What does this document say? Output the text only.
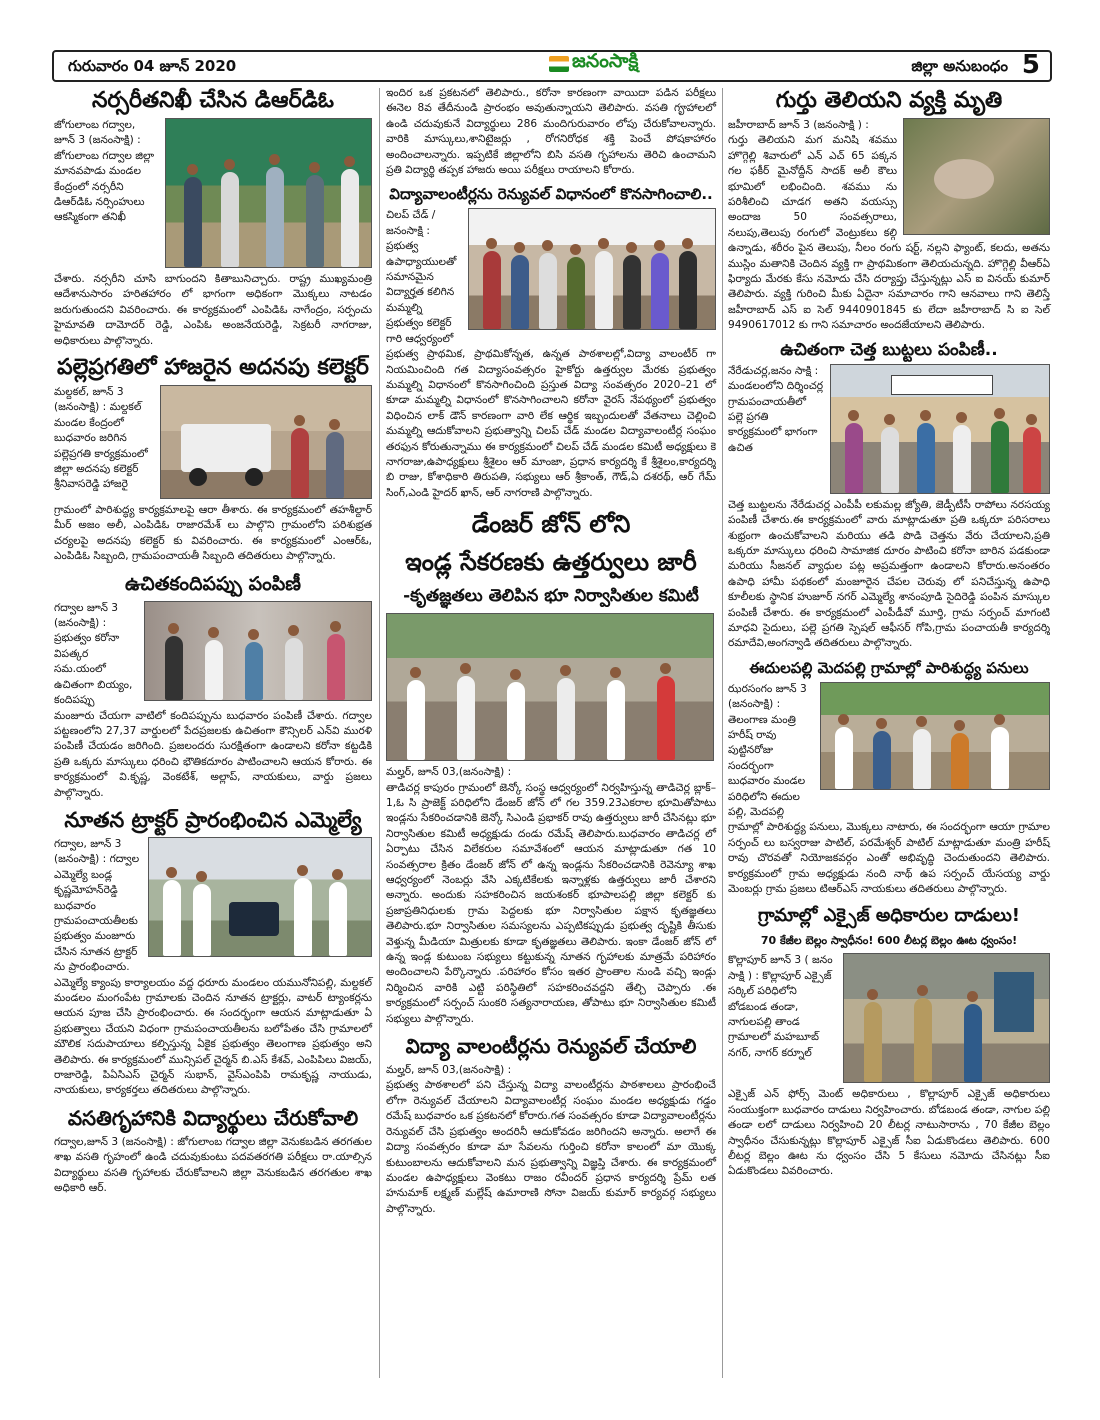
గురువారం 04 జూన్ 2020	జనంసాక్షి	జిల్లా అనుబంధం 5
నర్సరీతనిఖీ చేసిన డిఆర్‌డిఓ

జోగులాంబ గద్వాల, జూన్ 3 (జనంసాక్షి) : జోగులాంబ గద్వాల జిల్లా మానవపాడు మండల కేంద్రంలో నర్సరీని డిఆర్‌డిఓ నర్సింహులు ఆకస్మికంగా తనిఖీ

చేశారు. నర్సరీని చూసి బాగుందని కితాబునిచ్చారు. రాష్ట్ర ముఖ్యమంత్రి ఆదేశానుసారం హరితహారం లో భాగంగా అధికంగా మొక్కలు నాటడం జరుగుతుందని వివరించారు. ఈ కార్యక్రమంలో ఎంపిడిఓ నాగేంద్రం, సర్పంచు హైమావతి దామోదర్ రెడ్డి, ఎంపిఓ అంజనేయరెడ్డి, సెక్రటరీ నాగరాజు, అధికారులు పాల్గొన్నారు.

పల్లెప్రగతిలో హాజరైన అదనపు కలెక్టర్

మల్దకల్, జూన్ 3 (జనంసాక్షి) : మల్దకల్ మండల కేంద్రంలో బుధవారం జరిగిన పల్లెప్రగతి కార్యక్రమంలో జిల్లా అదనపు కలెక్టర్ శ్రీనివాసరెడ్డి హాజరై

గ్రామంలో పారిశుద్ధ్య కార్యక్రమాలపై ఆరా తీశారు. ఈ కార్యక్రమంలో తహశీల్దార్ మీర్ అజం అలీ, ఎంపిడిఓ రాజారమేశ్ లు పాల్గొని గ్రామంలోని పరిశుభ్రత చర్యలపై అదనపు కలెక్టర్ కు వివరించారు. ఈ కార్యక్రమంలో ఎంఆర్ఓ, ఎంపిడిఓ సిబ్బంది, గ్రామపంచాయతీ సిబ్బంది తదితరులు పాల్గొన్నారు.

ఉచితకందిపప్పు పంపిణీ

గద్వాల జూన్ 3 (జనంసాక్షి) : ప్రభుత్వం కరోనా విపత్కర సమ.యంలో ఉచితంగా బియ్యం, కందిపప్పు

మంజూరు చేయగా వాటిలో కందిపప్పును బుధవారం పంపిణీ చేశారు. గద్వాల పట్టణంలోని 27,37 వార్డులలో పేదప్రజలకు ఉచితంగా కౌన్సిలర్ ఎన్‌వి మురళి పంపిణీ చేయడం జరిగింది. ప్రజలందరు సురక్షితంగా ఉండాలని కరోనా కట్టడికి ప్రతి ఒక్కరు మాస్కులు ధరించి భౌతికదూరం పాటించాలని ఆయన కోరారు. ఈ కార్యక్రమంలో వి.కృష్ణ, వెంకటేశ్, అల్లాప్, నాయకులు, వార్డు ప్రజలు పాల్గొన్నారు.

నూతన ట్రాక్టర్ ప్రారంభించిన ఎమ్మెల్యే

గద్వాల, జూన్ 3 (జనంసాక్షి) : గద్వాల ఎమ్మెల్యే బండ్ల కృష్ణమోహన్‌రెడ్డి బుధవారం గ్రామపంచాయతీలకు ప్రభుత్వం మంజూరు చేసిన నూతన ట్రాక్టర్ ను ప్రారంభించారు.

ఎమ్మెల్యే క్యాంపు కార్యాలయం వద్ద ధరూరు మండలం యమునోనిపల్లి, మల్దకల్ మండలం మంగంపేట గ్రామాలకు చెందిన నూతన ట్రాక్టర్లు, వాటర్ ట్యాంకర్లను ఆయన పూజ చేసి ప్రారంభించారు. ఈ సందర్భంగా ఆయన మాట్లాడుతూ ఏ ప్రభుత్వాలు చేయని విధంగా గ్రామపంచాయతీలను బలోపేతం చేసి గ్రామాలలో మౌలిక సదుపాయాలు కల్పిస్తున్న ఏకైక ప్రభుత్వం తెలంగాణ ప్రభుత్వం అని తెలిపారు. ఈ కార్యక్రమంలో మున్సిపల్ చైర్మన్ బి.ఎస్ కేశవ్, ఎంపిపిలు విజయ్, రాజారెడ్డి, పిఏసిఎస్ చైర్మన్ సుభాన్, వైస్ఎంపిపి రామకృష్ణ నాయుడు, నాయకులు, కార్యకర్తలు తదితరులు పాల్గొన్నారు.

వసతిగృహానికి విద్యార్థులు చేరుకోవాలి

గద్వాల,జూన్ 3 (జనంసాక్షి) : జోగులాంబ గద్వాల జిల్లా వెనుకబడిన తరగతుల శాఖ వసతి గృహంలో ఉండి చదువుకుంటు పదవతరగతి పరీక్షలు రా.యాల్సిన విద్యార్థులు వసతి గృహాలకు చేరుకోవాలని జిల్లా వెనుకబడిన తరగతుల శాఖ అధికారి ఆర్.

ఇందిర ఒక ప్రకటనలో తెలిపారు., కరోనా కారణంగా వాయిదా పడిన పరీక్షలు ఈనెల 8వ తేదీనుండి ప్రారంభం అవుతున్నాయని తెలిపారు. వసతి గౄహాలలో ఉండి చదువుకునే విద్యార్థులు 286 మందిగురువారం లోపు చేరుకోవాలన్నారు. వారికి మాస్కులు,శానిటైజర్లు , రోగనిరోధక శక్తి పెంచే పోషకాహారం అందించాలన్నారు. ఇప్పటికే జిల్లాలోని బిసి వసతి గృహాలను తెరిచి ఉంచామని ప్రతి విద్యార్థి తప్పక హాజరు అయి పరీక్షలు రాయాలని కోరారు.

విద్యావాలంటీర్లను రెన్యువల్ విధానంలో కొనసాగించాలి..

చిలప్ చేడ్ /జనంసాక్షి : ప్రభుత్వ ఉపాధ్యాయులతో సమానమైన విద్యార్హత కలిగిన మమ్మల్ని ప్రభుత్వం కలెక్టర్ గారి ఆధ్వర్యంలో

ప్రభుత్వ ప్రాథమిక, ప్రాథమికోన్నత, ఉన్నత పాఠశాలల్లో,విద్యా వాలంటీర్ గా నియమించింది గత విద్యాసంవత్సరం హైకోర్టు ఉత్తర్వుల మేరకు ప్రభుత్వం మమ్మల్ని విధానంలో కొనసాగించింది ప్రస్తుత విద్యా సంవత్సరం 2020–21 లో కూడా మమ్మల్ని విధానంలో కొనసాగించాలని కరోనా వైరస్ నేపథ్యంలో ప్రభుత్వం విధించిన లాక్ డౌన్ కారణంగా వారి లేక ఆర్థిక ఇబ్బందులతో వేతనాలు చెల్లించి మమ్మల్ని ఆదుకోవాలని ప్రభుత్వాన్ని చిలప్ చేడ్ మండల విద్యావాలంటీర్ల సంఘం తరఫున కోరుతున్నాము ఈ కార్యక్రమంలో చిలప్ చేడ్ మండల కమిటీ అధ్యక్షులు కె నాగరాజు,ఉపాధ్యక్షులు శ్రీశైలం ఆర్ మాంజా, ప్రధాన కార్యదర్శి కే శ్రీశైలం,కార్యదర్శి బి రాజు, కోశాధికారి తిరుపతి, సభ్యులు ఆర్ శ్రీకాంత్, గౌడ్,ఏ దశరథ్, ఆర్ గేమ్ సింగ్,ఎండి హైదర్ ఖాన్, ఆర్ నాగరాణి పాల్గొన్నారు.

డేంజర్ జోన్ లోని
ఇండ్ల సేకరణకు ఉత్తర్వులు జారీ
-కృతజ్ఞతలు తెలిపిన భూ నిర్వాసితుల కమిటీ

మల్హర్, జూన్ 03,(జనంసాక్షి) :

తాడిచర్ల కాపురం గ్రామంలో జెన్కో సంస్థ ఆధ్వర్యంలో నిర్వహిస్తున్న తాడిచెర్ల బ్లాక్–1,ఓ సి ప్రాజెక్ట్ పరిధిలోని డేంజర్ జోన్ లో గల 359.23ఎకరాల భూమితోపాటు ఇండ్లను సేకరించడానికి జెన్కో సిఎండి ప్రభాకర్ రావు ఉత్తర్వులు జారీ చేసినట్లు భూ నిర్వాసితుల కమిటీ అధ్యక్షుడు దండు రమేష్ తెలిపారు.బుధవారం తాడిచర్ల లో ఏర్పాటు చేసిన విలేకరుల సమావేశంలో ఆయన మాట్లాడుతూ గత 10 సంవత్సరాల క్రితం డేంజర్ జోన్ లో ఉన్న ఇండ్లను సేకరించడానికి రెవెన్యూ శాఖ ఆధ్వర్యంలో నెంబర్లు వేసి ఎక్కటికేలకు ఇన్నాళ్లకు ఉత్తర్వులు జారీ చేశారని అన్నారు. అందుకు సహకరించిన జయశంకర్ భూపాలపల్లి జిల్లా కలెక్టర్ కు ప్రజాప్రతినిధులకు గ్రామ పెద్దలకు భూ నిర్వాసితుల పక్షాన కృతజ్ఞతలు తెలిపారు.భూ నిర్వాసితుల సమస్యలను ఎప్పటికప్పుడు ప్రభుత్వ దృష్టికి తీసుకు వెళ్తున్న మీడియా మిత్రులకు కూడా కృతజ్ఞతలు తెలిపారు. ఇంకా డేంజర్ జోన్ లో ఉన్న ఇండ్ల కుటుంబ సభ్యులు కట్టుకున్న నూతన గృహాలకు మాత్రమే పరిహారం అందించాలని పేర్కొన్నారు .పరిహారం కోసం ఇతర ప్రాంతాల నుండి వచ్చి ఇండ్లు నిర్మించిన వారికి ఎట్టి పరిస్థితిలో సహకరించవద్దని తేల్చి చెప్పారు .ఈ కార్యక్రమంలో సర్పంచ్ సుంకరి సత్యనారాయణ, తోపాటు భూ నిర్వాసితుల కమిటీ సభ్యులు పాల్గొన్నారు.

విద్యా వాలంటీర్లను రెన్యువల్ చేయాలి

మల్హర్, జూన్ 03,(జనంసాక్షి) :

ప్రభుత్వ పాఠశాలలో పని చేస్తున్న విద్యా వాలంటీర్లను పాఠశాలలు ప్రారంభించే లోగా రెన్యువల్ చేయాలని విద్యావాలంటీర్ల సంఘం మండల అధ్యక్షుడు గడ్డం రమేష్ బుధవారం ఒక ప్రకటనలో కోరారు.గత సంవత్సరం కూడా విద్యావాలంటీర్లను రెన్యువల్ చేసి ప్రభుత్వం అందరినీ ఆదుకోవడం జరిగిందని అన్నారు. అలాగే ఈ విద్యా సంవత్సరం కూడా మా సేవలను గుర్తించి కరోనా కాలంలో మా యొక్క కుటుంబాలను ఆదుకోవాలని మన ప్రభుత్వాన్ని విజ్ఞప్తి చేశారు. ఈ కార్యక్రమంలో మండల ఉపాధ్యక్షులు వెంకటు రాజం రవీందర్ ప్రధాన కార్యదర్శి ప్రేమ్ లత హనుమాక్ లక్ష్మణ్ మల్లేష్ ఉమారాణి సోనా విజయ్ కుమార్ కార్యవర్గ సభ్యులు పాల్గొన్నారు.

గుర్తు తెలియని వ్యక్తి మృతి

జహీరాబాద్ జూన్ 3 (జనంసాక్షి ) :

గుర్తు తెలియని మగ మనిషి శవము హొగ్గెల్లి శివారులో ఎన్ ఎచ్ 65 పక్కన గల ఫకీర్ మైనోద్దీన్ సాదక్ అలీ కౌలు భూమిలో లభించింది. శవము ను పరిశీలించి చూడగ అతని వయస్సు అందాజ 50 సంవత్సరాలు, నలుపు,తెలుపు రంగులో వెంట్రుకలు కల్గి ఉన్నాడు, శరీరం పైన తెలుపు, నీలం రంగు షర్ట్, నల్లని ఫ్యాంట్, కలదు, అతను ముస్లిం మతానికి చెందిన వ్యక్తి గా ప్రాథమికంగా తెలియచున్నది. హొగ్గెల్లి వీఆర్ఏ ఫిర్యాదు మేరకు కేసు నమోదు చేసి దర్యాప్తు చేస్తున్నట్లు ఎస్ ఐ వినయ్ కుమార్ తెలిపారు. వ్యక్తి గురించి మీకు ఏదైనా సమాచారం గాని ఆనవాలు గాని తెలిస్తే జహీరాబాద్ ఎస్ ఐ సెల్ 9440901845 కు లేదా జహీరాబాద్ సి ఐ సెల్ 9490617012 కు గాని సమాచారం అందజేయాలని తెలిపారు.

ఉచితంగా చెత్త బుట్టలు పంపిణీ..

నేరేడుచర్ల,జనం సాక్షి : మండలంలోని దిర్శించర్ల గ్రామపంచాయతీలో పల్లె ప్రగతి కార్యక్రమంలో భాగంగా ఉచిత

చెత్త బుట్టలను నేరేడుచర్ల ఎంపీపీ లకుమల్ల జ్యోతి, జెడ్పీటీసీ రాపోలు నరసయ్య పంపిణీ చేశారు.ఈ కార్యక్రమంలో వారు మాట్లాడుతూ ప్రతి ఒక్కరూ పరిసరాలు శుభ్రంగా ఉంచుకోవాలని మరియు తడి పొడి చెత్తను వేరు చేయాలని,ప్రతి ఒక్కరూ మాస్కులు ధరించి సామాజిక దూరం పాటించి కరోనా బారిన పడకుండా మరియు సీజనల్ వ్యాధుల పట్ల అప్రమత్తంగా ఉండాలని కోరారు.అనంతరం ఉపాధి హామీ పథకంలో మంజూరైన చేపల చెరువు లో పనిచేస్తున్న ఉపాధి కూలీలకు స్థానిక హుజూర్ నగర్ ఎమ్మెల్యే శానంపూడి సైదిరెడ్డి పంపిన మాస్కుల పంపిణీ చేశారు. ఈ కార్యక్రమంలో ఎంపీడీవో మూర్తి, గ్రామ సర్పంచ్ మాగంటి మాధవి సైదులు, పల్లె ప్రగతి స్పెషల్ ఆఫీసర్ గోపి,గ్రామ పంచాయతీ కార్యదర్శి రమాదేవి,అంగన్వాడి తదితరులు పాల్గొన్నారు.

ఈదులపల్లి మెదపల్లి గ్రామాల్లో పారిశుద్ధ్య పనులు

ఝరసంగం జూన్ 3 (జనంసాక్షి) : తెలంగాణ మంత్రి హరీష్ రావు పుట్టినరోజు సందర్భంగా బుధవారం మండల పరిధిలోని ఈదుల పల్లి, మెదపల్లి

గ్రామాల్లో పారిశుద్ధ్య పనులు, మొక్కలు నాటారు, ఈ సందర్భంగా ఆయా గ్రామాల సర్పంచ్ లు బస్వరాజు పాటిల్, పరమేశ్వర్ పాటిల్ మాట్లాడుతూ మంత్రి హరీష్ రావు చొరవతో నియోజకవర్గం ఎంతో అభివృద్ధి చెందుతుందని తెలిపారు. కార్యక్రమంలో గ్రామ అధ్యక్షుడు నంది నాథ్ ఉప సర్పంచ్ యేసయ్య వార్డు మెంబర్లు గ్రామ ప్రజలు టిఆర్ఎస్ నాయకులు తదితరులు పాల్గొన్నారు.

గ్రామాల్లో ఎక్సైజ్ అధికారుల దాడులు!
70 కేజీల బెల్లం స్వాధీనం! 600 లీటర్ల బెల్లం ఊట ధ్వంసం!

కొల్లాపూర్ జూన్ 3 ( జనం సాక్షి ) : కొల్లాపూర్ ఎక్సైజ్ సర్కిల్ పరిధిలోని బోడబండ తండా, నాగులపల్లి తాండ గ్రామాలలో మహబూబ్ నగర్, నాగర్ కర్నూల్

ఎక్సైజ్ ఎన్ ఫోర్స్ మెంట్ అధికారులు , కొల్లాపూర్ ఎక్సైజ్ అధికారులు సంయుక్తంగా బుధవారం దాడులు నిర్వహించారు. బోడబండ తండా, నాగుల పల్లి తండా లలో దాడులు నిర్వహించి 20 లీటర్ల నాటుసారాను , 70 కేజీల బెల్లం స్వాధీనం చేసుకున్నట్లు కొల్లాపూర్ ఎక్సైజ్ సీఐ ఏడుకొండలు తెలిపారు. 600 లీటర్ల బెల్లం ఊట ను ధ్వంసం చేసి 5 కేసులు నమోదు చేసినట్లు సీఐ ఏడుకొండలు వివరించారు.
